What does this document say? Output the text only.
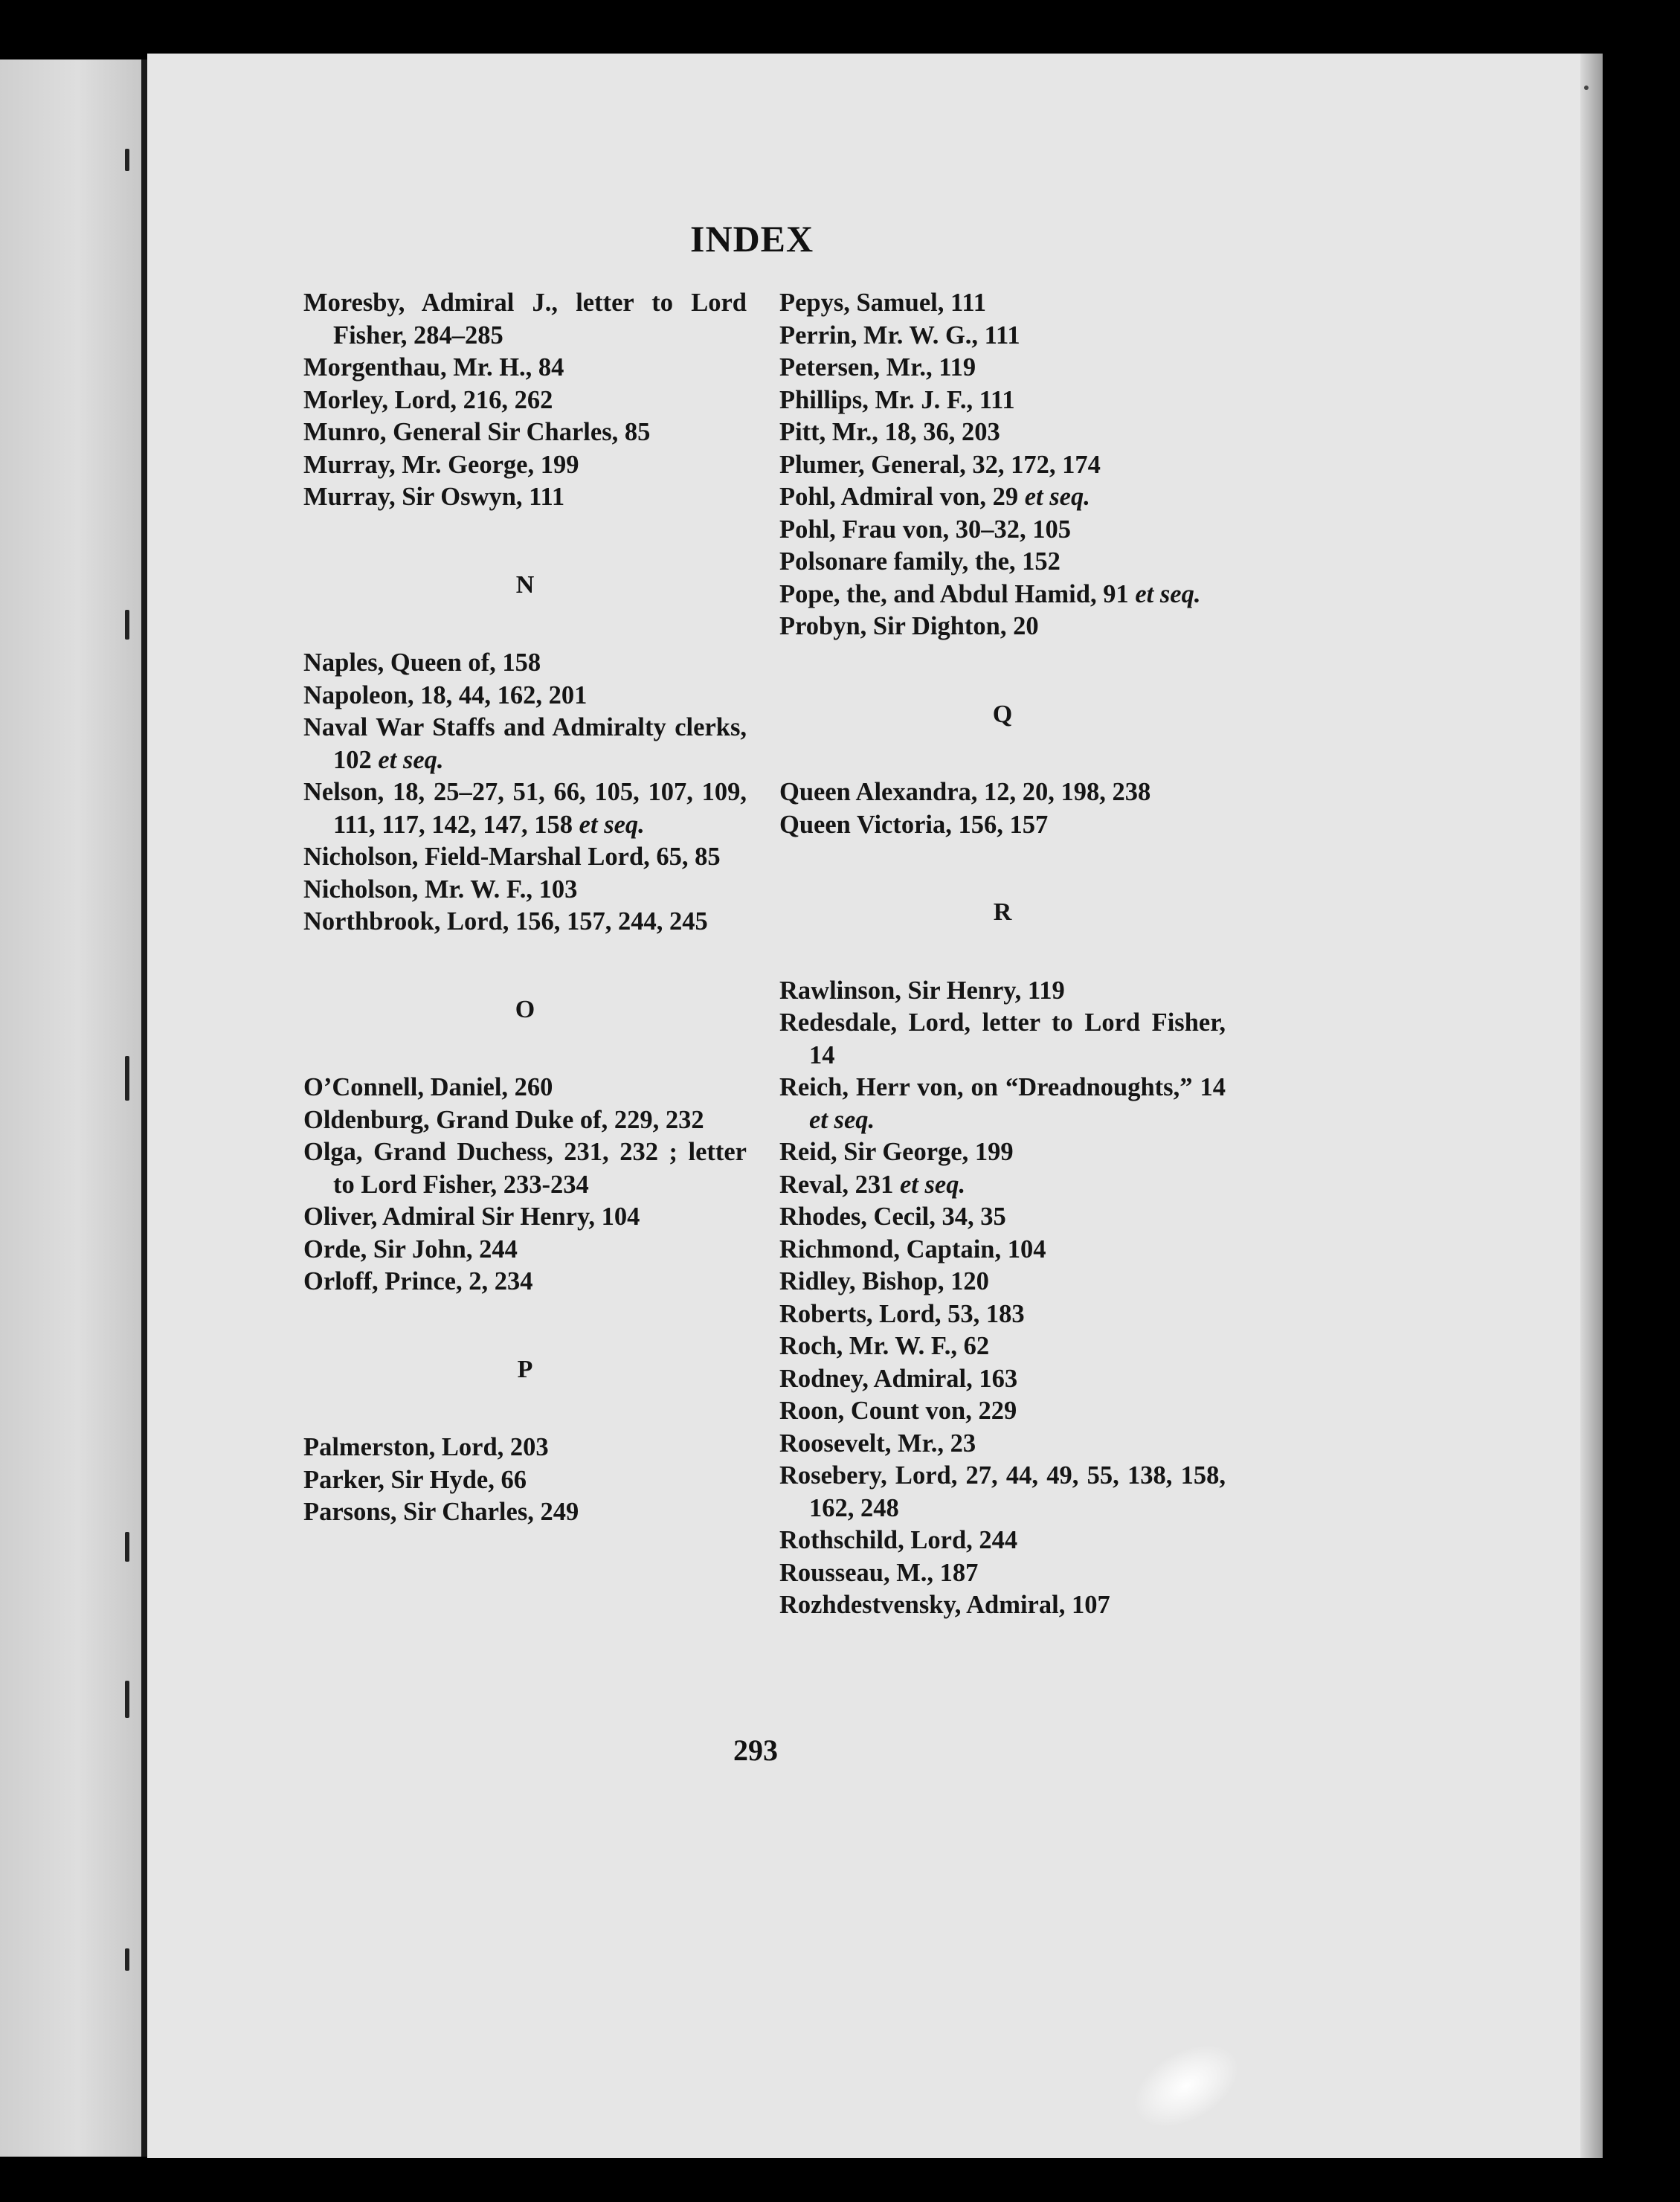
INDEX
Moresby, Admiral J., letter to Lord Fisher, 284–285
Morgenthau, Mr. H., 84
Morley, Lord, 216, 262
Munro, General Sir Charles, 85
Murray, Mr. George, 199
Murray, Sir Oswyn, 111
N
Naples, Queen of, 158
Napoleon, 18, 44, 162, 201
Naval War Staffs and Admiralty clerks, 102 et seq.
Nelson, 18, 25–27, 51, 66, 105, 107, 109, 111, 117, 142, 147, 158 et seq.
Nicholson, Field-Marshal Lord, 65, 85
Nicholson, Mr. W. F., 103
Northbrook, Lord, 156, 157, 244, 245
O
O’Connell, Daniel, 260
Oldenburg, Grand Duke of, 229, 232
Olga, Grand Duchess, 231, 232 ; letter to Lord Fisher, 233-234
Oliver, Admiral Sir Henry, 104
Orde, Sir John, 244
Orloff, Prince, 2, 234
P
Palmerston, Lord, 203
Parker, Sir Hyde, 66
Parsons, Sir Charles, 249
Pepys, Samuel, 111
Perrin, Mr. W. G., 111
Petersen, Mr., 119
Phillips, Mr. J. F., 111
Pitt, Mr., 18, 36, 203
Plumer, General, 32, 172, 174
Pohl, Admiral von, 29 et seq.
Pohl, Frau von, 30–32, 105
Polsonare family, the, 152
Pope, the, and Abdul Hamid, 91 et seq.
Probyn, Sir Dighton, 20
Q
Queen Alexandra, 12, 20, 198, 238
Queen Victoria, 156, 157
R
Rawlinson, Sir Henry, 119
Redesdale, Lord, letter to Lord Fisher, 14
Reich, Herr von, on “Dreadnoughts,” 14 et seq.
Reid, Sir George, 199
Reval, 231 et seq.
Rhodes, Cecil, 34, 35
Richmond, Captain, 104
Ridley, Bishop, 120
Roberts, Lord, 53, 183
Roch, Mr. W. F., 62
Rodney, Admiral, 163
Roon, Count von, 229
Roosevelt, Mr., 23
Rosebery, Lord, 27, 44, 49, 55, 138, 158, 162, 248
Rothschild, Lord, 244
Rousseau, M., 187
Rozhdestvensky, Admiral, 107
293
